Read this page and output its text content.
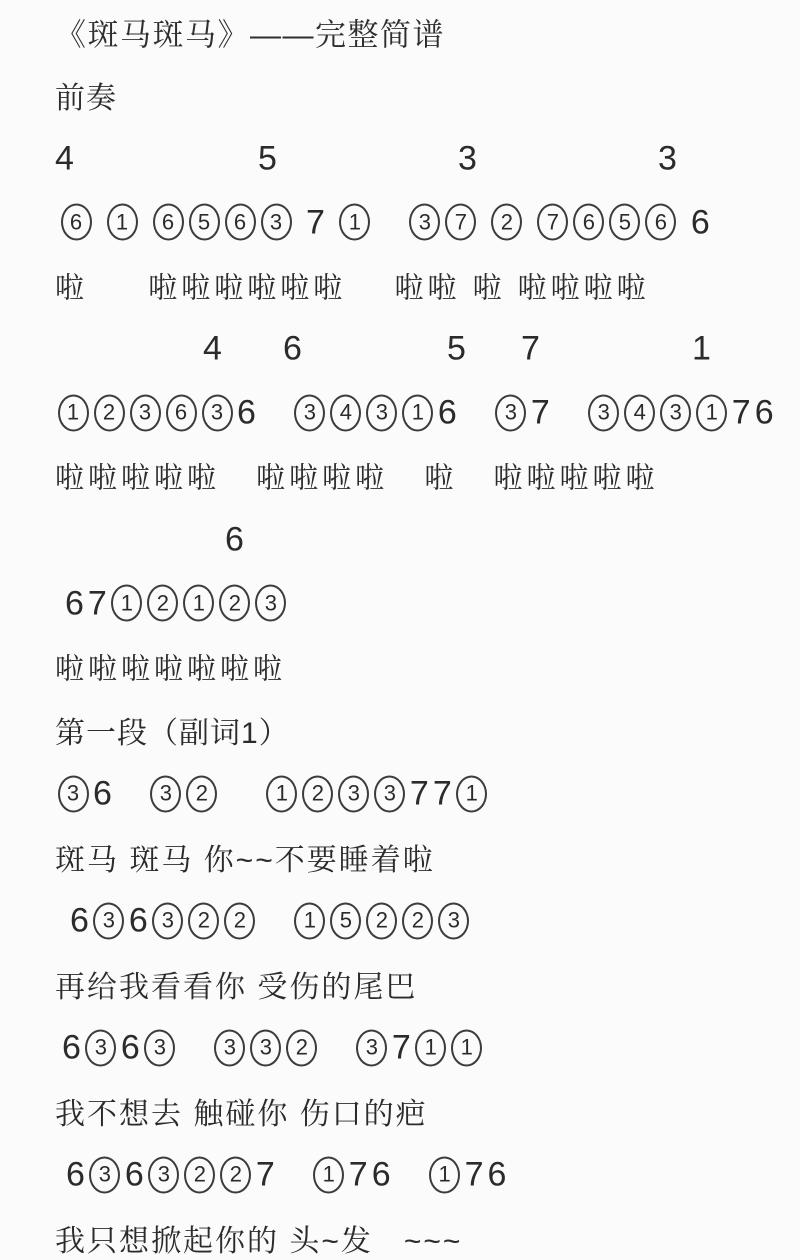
《斑马斑马》——完整简谱
前奏
4	5	3	3
6	1	6	5	6	3 7	1	3	7	2	7	6	5	6 6
啦     啦啦啦啦啦啦    啦啦 啦 啦啦啦啦
4 6	5 7	1
1	2	3	6	3 6	3	4	3	1 6	3 7	3	4	3	1 7 6
啦啦啦啦啦   啦啦啦啦   啦   啦啦啦啦啦
6
6 7 1	2	1	2	3
啦啦啦啦啦啦啦
第一段（副词1）
3 6	3	2	1	2	3	3 7 7 1
斑马 斑马 你~~不要睡着啦
6 3 6 3	2	2	1	5	2	2	3
再给我看看你 受伤的尾巴
6 3 6 3	3	3	2	3 7 1	1
我不想去 触碰你 伤口的疤
6 3 6 3	2	2 7	1 7 6	1 7 6
我只想掀起你的 头~发   ~~~
